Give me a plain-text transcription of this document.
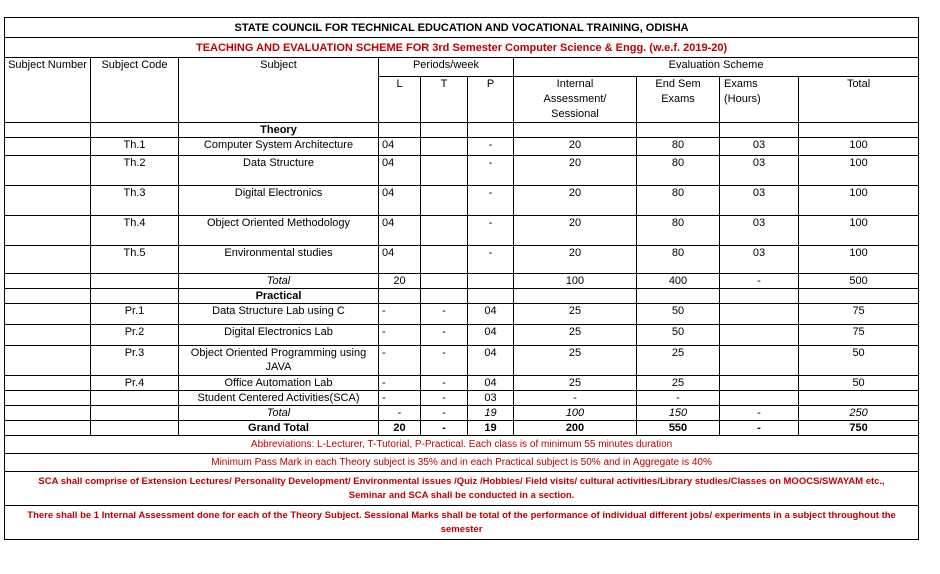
STATE COUNCIL FOR TECHNICAL EDUCATION AND VOCATIONAL TRAINING, ODISHA									
TEACHING AND EVALUATION SCHEME FOR 3rd Semester Computer Science & Engg. (w.e.f. 2019-20)									
Subject Number	Subject Code	Subject	Periods/week			Evaluation Scheme			
			L	T	P	Internal Assessment/ Sessional	End Sem Exams	Exams (Hours)	Total
		Theory							
	Th.1	Computer System Architecture	04		-	20	80	03	100
	Th.2	Data Structure	04		-	20	80	03	100
	Th.3	Digital Electronics	04		-	20	80	03	100
	Th.4	Object Oriented Methodology	04		-	20	80	03	100
	Th.5	Environmental studies	04		-	20	80	03	100
		Total	20			100	400	-	500
		Practical							
	Pr.1	Data Structure Lab using C	-	-	04	25	50		75
	Pr.2	Digital Electronics Lab	-	-	04	25	50		75
	Pr.3	Object Oriented Programming using JAVA	-	-	04	25	25		50
	Pr.4	Office Automation Lab	-	-	04	25	25		50
		Student Centered Activities(SCA)	-	-	03	-	-		
		Total	-	-	19	100	150	-	250
		Grand Total	20	-	19	200	550	-	750
Abbreviations: L-Lecturer, T-Tutorial, P-Practical. Each class is of minimum 55 minutes duration									
Minimum Pass Mark in each Theory subject is 35% and in each Practical subject is 50% and in Aggregate is 40%									

SCA shall comprise of Extension Lectures/ Personality Development/ Environmental issues /Quiz /Hobbies/ Field visits/ cultural activities/Library studies/Classes on MOOCS/SWAYAM etc.,
Seminar and SCA shall be conducted in a section.									

There shall be 1 Internal Assessment done for each of the Theory Subject. Sessional Marks shall be total of the performance of individual different jobs/ experiments in a subject throughout the
semester									
